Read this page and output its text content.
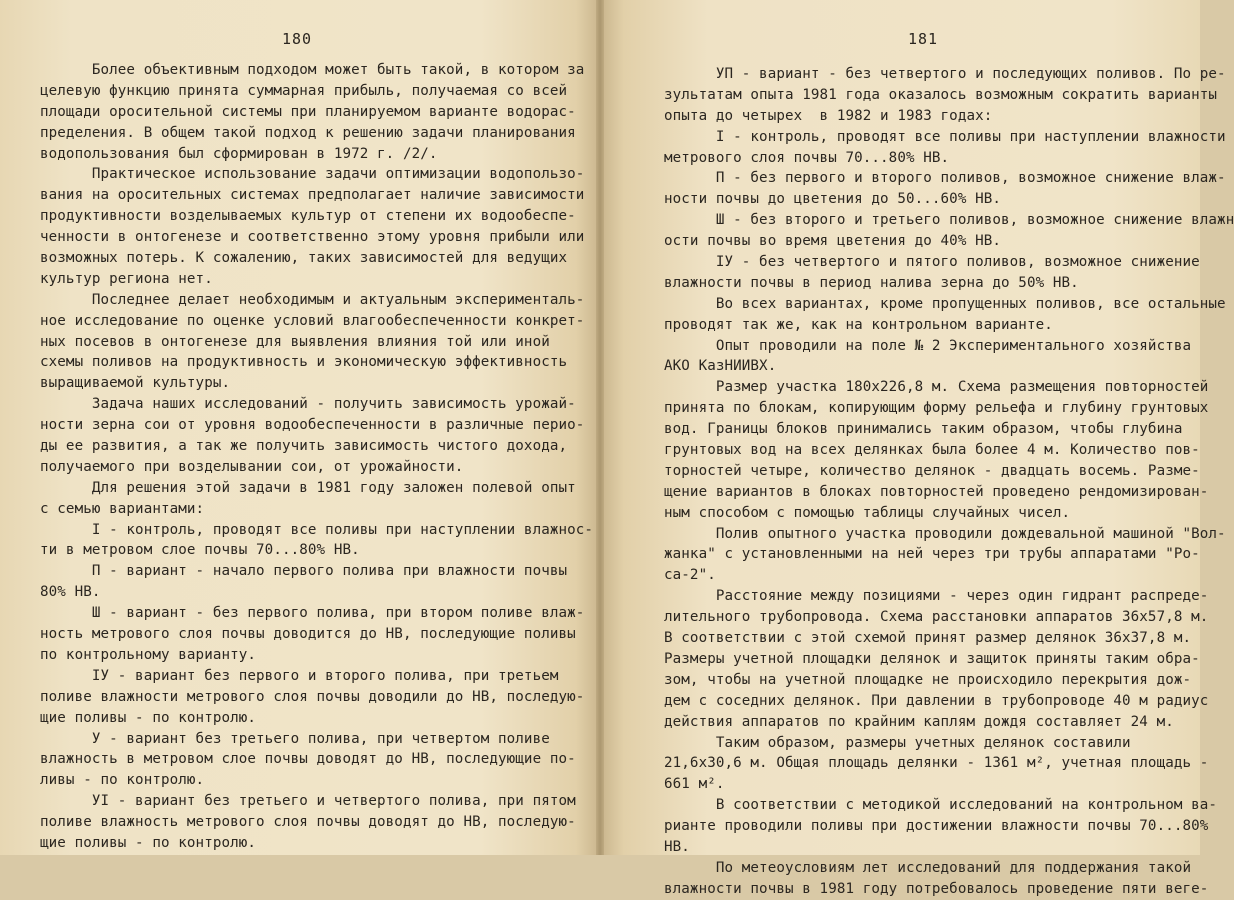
180
Более объективным подходом может быть такой, в котором за
целевую функцию принята суммарная прибыль, получаемая со всей
площади оросительной системы при планируемом варианте водорас-
пределения. В общем такой подход к решению задачи планирования
водопользования был сформирован в 1972 г. /2/.
Практическое использование задачи оптимизации водопользо-
вания на оросительных системах предполагает наличие зависимости
продуктивности возделываемых культур от степени их водообеспе-
ченности в онтогенезе и соответственно этому уровня прибыли или
возможных потерь. К сожалению, таких зависимостей для ведущих
культур региона нет.
Последнее делает необходимым и актуальным эксперименталь-
ное исследование по оценке условий влагообеспеченности конкрет-
ных посевов в онтогенезе для выявления влияния той или иной
схемы поливов на продуктивность и экономическую эффективность
выращиваемой культуры.
Задача наших исследований - получить зависимость урожай-
ности зерна сои от уровня водообеспеченности в различные перио-
ды ее развития, а так же получить зависимость чистого дохода,
получаемого при возделывании сои, от урожайности.
Для решения этой задачи в 1981 году заложен полевой опыт
с семью вариантами:
I - контроль, проводят все поливы при наступлении влажнос-
ти в метровом слое почвы 70...80% НВ.
П - вариант - начало первого полива при влажности почвы
80% НВ.
Ш - вариант - без первого полива, при втором поливе влаж-
ность метрового слоя почвы доводится до НВ, последующие поливы
по контрольному варианту.
IУ - вариант без первого и второго полива, при третьем
поливе влажности метрового слоя почвы доводили до НВ, последую-
щие поливы - по контролю.
У - вариант без третьего полива, при четвертом поливе
влажность в метровом слое почвы доводят до НВ, последующие по-
ливы - по контролю.
УI - вариант без третьего и четвертого полива, при пятом
поливе влажность метрового слоя почвы доводят до НВ, последую-
щие поливы - по контролю.
181
УП - вариант - без четвертого и последующих поливов. По ре-
зультатам опыта 1981 года оказалось возможным сократить варианты
опыта до четырех  в 1982 и 1983 годах:
I - контроль, проводят все поливы при наступлении влажности
метрового слоя почвы 70...80% НВ.
П - без первого и второго поливов, возможное снижение влаж-
ности почвы до цветения до 50...60% НВ.
Ш - без второго и третьего поливов, возможное снижение влажн
ости почвы во время цветения до 40% НВ.
IУ - без четвертого и пятого поливов, возможное снижение
влажности почвы в период налива зерна до 50% НВ.
Во всех вариантах, кроме пропущенных поливов, все остальные
проводят так же, как на контрольном варианте.
Опыт проводили на поле № 2 Экспериментального хозяйства
АКО КазНИИВХ.
Размер участка 180х226,8 м. Схема размещения повторностей
принята по блокам, копирующим форму рельефа и глубину грунтовых
вод. Границы блоков принимались таким образом, чтобы глубина
грунтовых вод на всех делянках была более 4 м. Количество пов-
торностей четыре, количество делянок - двадцать восемь. Разме-
щение вариантов в блоках повторностей проведено рендомизирован-
ным способом с помощью таблицы случайных чисел.
Полив опытного участка проводили дождевальной машиной "Вол-
жанка" с установленными на ней через три трубы аппаратами "Ро-
са-2".
Расстояние между позициями - через один гидрант распреде-
лительного трубопровода. Схема расстановки аппаратов 36х57,8 м.
В соответствии с этой схемой принят размер делянок 36х37,8 м.
Размеры учетной площадки делянок и защиток приняты таким обра-
зом, чтобы на учетной площадке не происходило перекрытия дож-
дем с соседних делянок. При давлении в трубопроводе 40 м радиус
действия аппаратов по крайним каплям дождя составляет 24 м.
Таким образом, размеры учетных делянок составили
21,6х30,6 м. Общая площадь делянки - 1361 м², учетная площадь -
661 м².
В соответствии с методикой исследований на контрольном ва-
рианте проводили поливы при достижении влажности почвы 70...80%
НВ.
По метеоусловиям лет исследований для поддержания такой
влажности почвы в 1981 году потребовалось проведение пяти веге-
